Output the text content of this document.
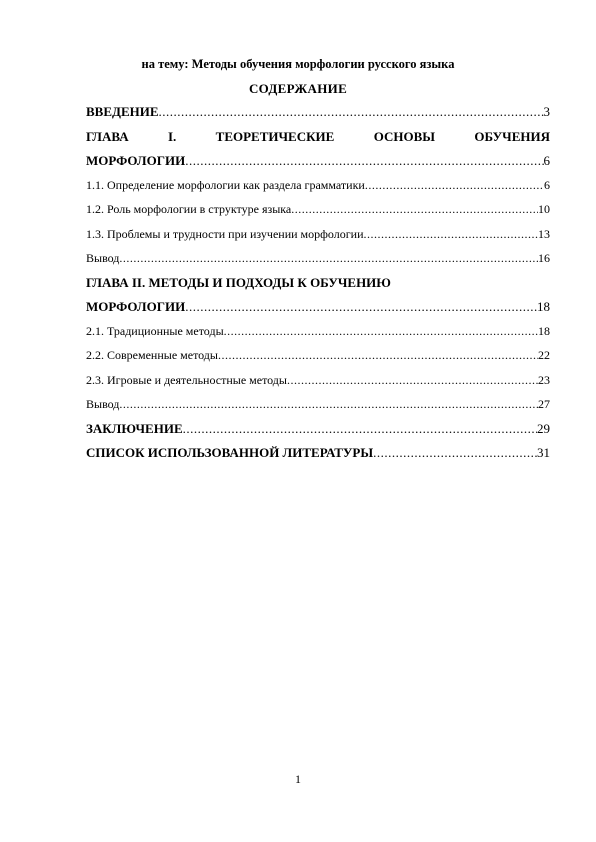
на тему: Методы обучения морфологии русского языка
СОДЕРЖАНИЕ
ВВЕДЕНИЕ .....	3
ГЛАВА	I.	ТЕОРЕТИЧЕСКИЕ	ОСНОВЫ	ОБУЧЕНИЯ
МОРФОЛОГИИ .....	6
1.1. Определение морфологии как раздела грамматики .....	6
1.2. Роль морфологии в структуре языка .....	10
1.3. Проблемы и трудности при изучении морфологии .....	13
Вывод .....	16
ГЛАВА II. МЕТОДЫ И ПОДХОДЫ К ОБУЧЕНИЮ
МОРФОЛОГИИ .....	18
2.1. Традиционные методы .....	18
2.2. Современные методы .....	22
2.3. Игровые и деятельностные методы .....	23
Вывод .....	27
ЗАКЛЮЧЕНИЕ .....	29
СПИСОК ИСПОЛЬЗОВАННОЙ ЛИТЕРАТУРЫ .....	31
1
